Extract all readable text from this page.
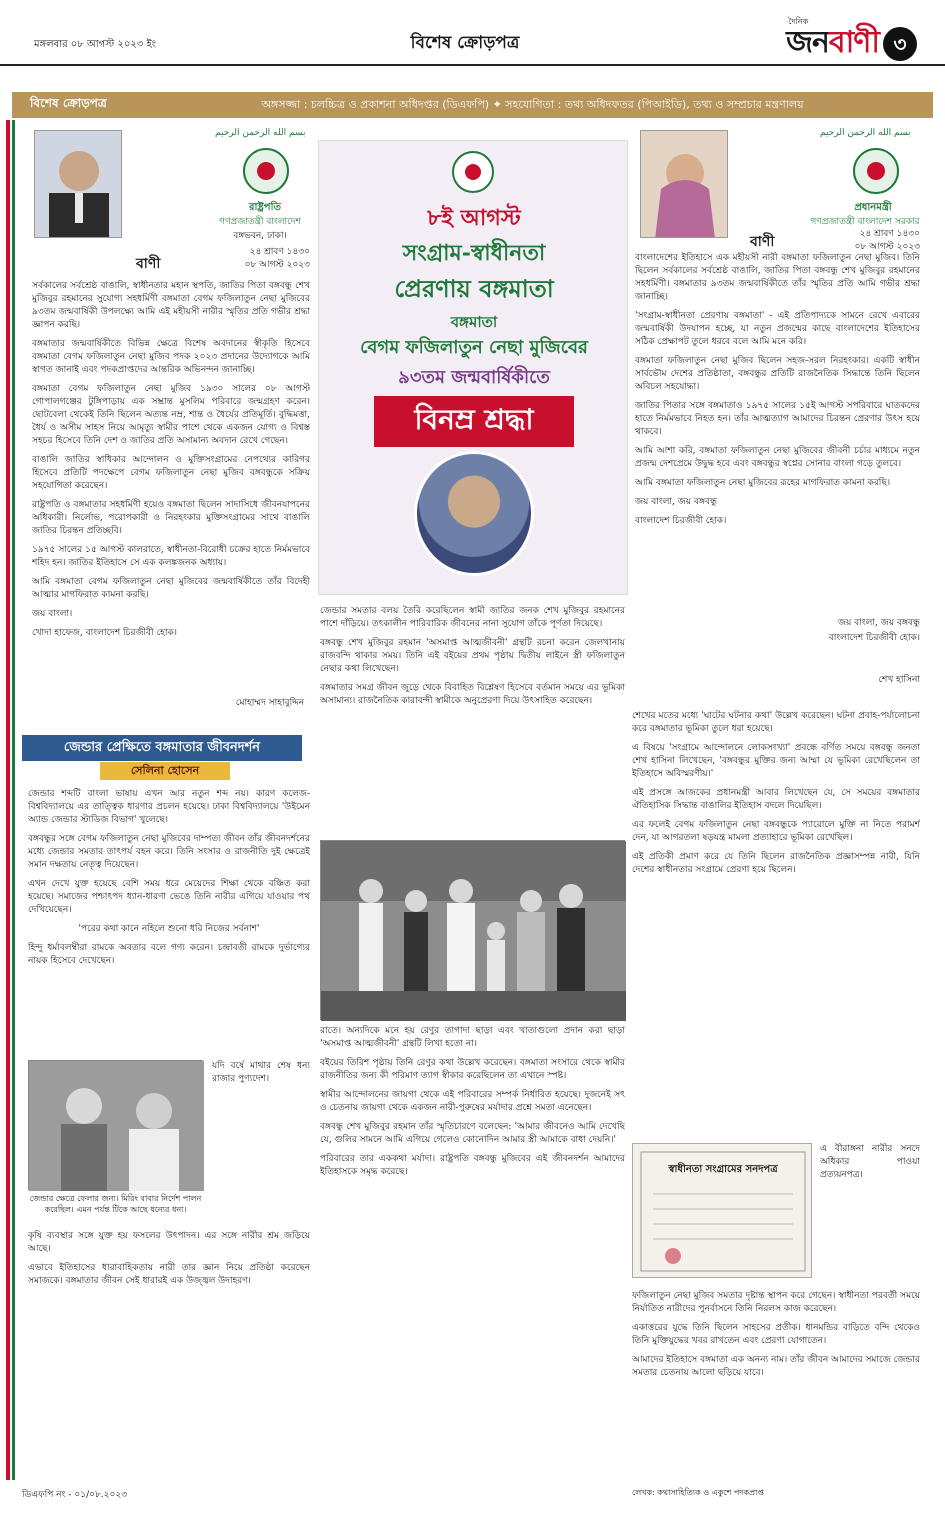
মঙ্গলবার ০৮ আগস্ট ২০২৩ ইং	বিশেষ ক্রোড়পত্র
দৈনিক
জনবাণী ৩
বিশেষ ক্রোড়পত্র	অঙ্গসজ্জা : চলচ্চিত্র ও প্রকাশনা অধিদপ্তর (ডিএফপি) ✦ সহযোগিতা : তথ্য অধিদফতর (পিআইডি), তথ্য ও সম্প্রচার মন্ত্রণালয়
بسم الله الرحمن الرحيم
রাষ্ট্রপতি
গণপ্রজাতন্ত্রী বাংলাদেশ
বঙ্গভবন, ঢাকা।
বাণী
২৪ শ্রাবণ ১৪৩০
০৮ আগস্ট ২০২৩

সর্বকালের সর্বশ্রেষ্ঠ বাঙালি, স্বাধীনতার মহান স্থপতি, জাতির পিতা বঙ্গবন্ধু শেখ মুজিবুর রহমানের সুযোগ্য সহধর্মিণী বঙ্গমাতা বেগম ফজিলাতুন নেছা মুজিবের ৯৩তম জন্মবার্ষিকী উপলক্ষ্যে আমি এই মহীয়সী নারীর স্মৃতির প্রতি গভীর শ্রদ্ধা জ্ঞাপন করছি।

বঙ্গমাতার জন্মবার্ষিকীতে বিভিন্ন ক্ষেত্রে বিশেষ অবদানের স্বীকৃতি হিসেবে বঙ্গমাতা বেগম ফজিলাতুন নেছা মুজিব পদক ২০২৩ প্রদানের উদ্যোগকে আমি স্বাগত জানাই এবং পদকপ্রাপ্তদের আন্তরিক অভিনন্দন জানাচ্ছি।

বঙ্গমাতা বেগম ফজিলাতুন নেছা মুজিব ১৯৩০ সালের ০৮ আগস্ট গোপালগঞ্জের টুঙ্গিপাড়ায় এক সম্ভ্রান্ত মুসলিম পরিবারে জন্মগ্রহণ করেন। ছোটবেলা থেকেই তিনি ছিলেন অত্যন্ত নম্র, শান্ত ও ধৈর্যের প্রতিমূর্তি। বুদ্ধিমত্তা, ধৈর্য ও অসীম সাহস নিয়ে আমৃত্যু স্বামীর পাশে থেকে একজন যোগ্য ও বিশ্বস্ত সহচর হিসেবে তিনি দেশ ও জাতির প্রতি অসামান্য অবদান রেখে গেছেন।

বাঙালি জাতির স্বাধিকার আন্দোলন ও মুক্তিসংগ্রামের নেপথ্যের কারিগর হিসেবে প্রতিটি পদক্ষেপে বেগম ফজিলাতুন নেছা মুজিব বঙ্গবন্ধুকে সক্রিয় সহযোগিতা করেছেন।

রাষ্ট্রপতি ও বঙ্গমাতার সহধর্মিণী হয়েও বঙ্গমাতা ছিলেন সাদাসিধে জীবনযাপনের অধিকারী। নির্লোভ, পরোপকারী ও নিরহংকার মুক্তিসংগ্রামের সাথে বাঙালি জাতির চিরন্তন প্রতিচ্ছবি।

১৯৭৫ সালের ১৫ আগস্ট কালরাতে, স্বাধীনতা-বিরোধী চক্রের হাতে নির্মমভাবে শহিদ হন। জাতির ইতিহাসে সে এক কলঙ্কজনক অধ্যায়।

আমি বঙ্গমাতা বেগম ফজিলাতুন নেছা মুজিবের জন্মবার্ষিকীতে তাঁর বিদেহী আত্মার মাগফিরাত কামনা করছি।

জয় বাংলা।

খোদা হাফেজ, বাংলাদেশ চিরজীবী হোক।

মোহাম্মদ সাহাবুদ্দিন
৮ই আগস্ট
সংগ্রাম-স্বাধীনতা
প্রেরণায় বঙ্গমাতা
বঙ্গমাতা
বেগম ফজিলাতুন নেছা মুজিবের
৯৩তম জন্মবার্ষিকীতে
বিনম্র শ্রদ্ধা
بسم الله الرحمن الرحيم
প্রধানমন্ত্রী
গণপ্রজাতন্ত্রী বাংলাদেশ সরকার
বাণী	২৪ শ্রাবণ ১৪৩০
০৮ আগস্ট ২০২৩

বাংলাদেশের ইতিহাসে এক মহীয়সী নারী বঙ্গমাতা ফজিলাতুন নেছা মুজিব। তিনি ছিলেন সর্বকালের সর্বশ্রেষ্ঠ বাঙালি, জাতির পিতা বঙ্গবন্ধু শেখ মুজিবুর রহমানের সহধর্মিণী। বঙ্গমাতার ৯৩তম জন্মবার্ষিকীতে তাঁর স্মৃতির প্রতি আমি গভীর শ্রদ্ধা জানাচ্ছি।

'সংগ্রাম-স্বাধীনতা প্রেরণায় বঙ্গমাতা' - এই প্রতিপাদ্যকে সামনে রেখে এবারের জন্মবার্ষিকী উদযাপন হচ্ছে, যা নতুন প্রজন্মের কাছে বাংলাদেশের ইতিহাসের সঠিক প্রেক্ষাপট তুলে ধরবে বলে আমি মনে করি।

বঙ্গমাতা ফজিলাতুন নেছা মুজিব ছিলেন সহজ-সরল নিরহংকার। একটি স্বাধীন সার্বভৌম দেশের প্রতিষ্ঠাতা, বঙ্গবন্ধুর প্রতিটি রাজনৈতিক সিদ্ধান্তে তিনি ছিলেন অবিচল সহযোদ্ধা।

জাতির পিতার সঙ্গে বঙ্গমাতাও ১৯৭৫ সালের ১৫ই আগস্ট সপরিবারে ঘাতকদের হাতে নির্মমভাবে নিহত হন। তাঁর আত্মত্যাগ আমাদের চিরন্তন প্রেরণার উৎস হয়ে থাকবে।

আমি আশা করি, বঙ্গমাতা ফজিলাতুন নেছা মুজিবের জীবনী চর্চার মাধ্যমে নতুন প্রজন্ম দেশপ্রেমে উদ্বুদ্ধ হবে এবং বঙ্গবন্ধুর স্বপ্নের সোনার বাংলা গড়ে তুলবে।

আমি বঙ্গমাতা ফজিলাতুন নেছা মুজিবের রূহের মাগফিরাত কামনা করছি।

জয় বাংলা, জয় বঙ্গবন্ধু

বাংলাদেশ চিরজীবী হোক।

জয় বাংলা, জয় বঙ্গবন্ধু
বাংলাদেশ চিরজীবী হোক।
শেখ হাসিনা
জেন্ডার প্রেক্ষিতে বঙ্গমাতার জীবনদর্শন
সেলিনা হোসেন

জেন্ডার শব্দটি বাংলা ভাষায় এখন আর নতুন শব্দ নয়। কারণ কলেজ-বিশ্ববিদ্যালয়ে এর তাত্ত্বিক ধারণার প্রচলন হয়েছে। ঢাকা বিশ্ববিদ্যালয়ে 'উইমেন অ্যান্ড জেন্ডার স্টাডিজ বিভাগ' খুলেছে।

বঙ্গবন্ধুর সঙ্গে বেগম ফজিলাতুন নেছা মুজিবের দাম্পত্য জীবন তাঁর জীবনদর্শনের মধ্যে জেন্ডার সমতার তাৎপর্য বহন করে। তিনি সংসার ও রাজনীতি দুই ক্ষেত্রেই সমান দক্ষতায় নেতৃত্ব দিয়েছেন।

এখন দেখে যুক্ত হয়েছে বেশি সময় ধরে মেয়েদের শিক্ষা থেকে বঞ্চিত করা হয়েছে। সমাজের পশ্চাৎপদ ধ্যান-ধারণা ভেঙে তিনি নারীর এগিয়ে যাওয়ার পথ দেখিয়েছেন।

'পরের কথা কানে নহিলে শুনো ধরি নিজের সর্বনাশ'

হিন্দু ধর্মাবলম্বীরা রামকে অবতার বলে গণ্য করেন। চন্দ্রাবতী রামকে দুর্ভাগ্যের নায়ক হিসেবে দেখেছেন।

জেন্ডার ক্ষেত্রে ফেলার জন্য। মিরিং বাবার নির্দেশ পালন করেছিল। এমন পর্যন্ত টিকে আছে ধন্যের ধন্য।

যদি বর্ষে মাথার শেষ ধন্য রাজার পুণ্যদেশ।

কৃষি ব্যবস্থার সঙ্গে যুক্ত হয় ফসলের উৎপাদন। এর সঙ্গে নারীর শ্রম জড়িয়ে আছে।

এভাবে ইতিহাসের ধারাবাহিকতায় নারী তার জ্ঞান নিয়ে প্রতিষ্ঠা করেছেন সমাজকে। বঙ্গমাতার জীবন সেই ধারারই এক উজ্জ্বল উদাহরণ।

জেন্ডার সমতার বলয় তৈরি করেছিলেন স্বামী জাতির জনক শেখ মুজিবুর রহমানের পাশে দাঁড়িয়ে। তৎকালীন পারিবারিক জীবনের নানা সুযোগ তাঁকে পূর্ণতা দিয়েছে।

বঙ্গবন্ধু শেখ মুজিবুর রহমান 'অসমাপ্ত আত্মজীবনী' গ্রন্থটি রচনা করেন জেলখানায় রাজবন্দি থাকার সময়। তিনি এই বইয়ের প্রথম পৃষ্ঠায় দ্বিতীয় লাইনে স্ত্রী ফজিলাতুন নেছার কথা লিখেছেন।

বঙ্গমাতার সমগ্র জীবন জুড়ে থেকে বিবাহিত বিশ্লেষণ হিসেবে বর্তমান সময়ে এর ভূমিকা অসামান্য। রাজনৈতিক কারাবন্দী স্বামীকে অনুপ্রেরণা দিয়ে উৎসাহিত করেছেন।

রাতে। অন্যদিকে মনে হয় রেণুর তাগাদা ছাড়া এবং খাতাগুলো প্রদান করা ছাড়া 'অসমাপ্ত আত্মজীবনী' গ্রন্থটি লিখা হতো না।

বইয়ের তিরিশ পৃষ্ঠায় তিনি রেণুর কথা উল্লেখ করেছেন। বঙ্গমাতা সংসারে থেকে স্বামীর রাজনীতির জন্য কী পরিমাণ ত্যাগ স্বীকার করেছিলেন তা এখানে স্পষ্ট।

স্বামীর আন্দোলনের জায়গা থেকে এই পরিবারের সম্পর্ক নির্ধারিত হয়েছে। দুজনেই সৎ ও চেতনায় জায়গা থেকে একজন নারী-পুরুষের মর্যাদার প্রশ্নে সমতা এনেছেন।

বঙ্গবন্ধু শেখ মুজিবুর রহমান তাঁর স্মৃতিচারণে বলেছেন: 'আমার জীবনেও আমি দেখেছি যে, গুলির সামনে আমি এগিয়ে গেলেও কোনোদিন আমার স্ত্রী আমাকে বাধা দেয়নি।'

পরিবারের তার এককথা মর্যাদা। রাষ্ট্রপতি বঙ্গবন্ধু মুজিবের এই জীবনদর্শন আমাদের ইতিহাসকে সমৃদ্ধ করেছে।

শেখের মতের মধ্যে 'ঘাটের ঘটনার কথা' উল্লেখ করেছেন। ঘটনা প্রবাহ-পর্যালোচনা করে বঙ্গমাতার ভূমিকা তুলে ধরা হয়েছে।

এ বিষয়ে 'সংগ্রামে আন্দোলনে লোকসংখ্যা' প্রবন্ধে বর্ণিত সময়ে বঙ্গবন্ধু জনতা শেখ হাসিনা লিখেছেন, 'বঙ্গবন্ধুর মুক্তির জন্য আম্মা যে ভূমিকা রেখেছিলেন তা ইতিহাসে অবিস্মরণীয়।'

এই প্রসঙ্গে আজকের প্রধানমন্ত্রী আবার লিখেছেন যে, সে সময়ের বঙ্গমাতার ঐতিহাসিক সিদ্ধান্ত বাঙালির ইতিহাস বদলে দিয়েছিল।

এর ফলেই বেগম ফজিলাতুন নেছা বঙ্গবন্ধুকে প্যারোলে মুক্তি না নিতে পরামর্শ দেন, যা আগরতলা ষড়যন্ত্র মামলা প্রত্যাহারে ভূমিকা রেখেছিল।

এই প্রতিকী প্রমাণ করে যে তিনি ছিলেন রাজনৈতিক প্রজ্ঞাসম্পন্ন নারী, যিনি দেশের স্বাধীনতার সংগ্রামে প্রেরণা হয়ে ছিলেন।

স্বাধীনতা সংগ্রামের সনদপত্র

এ বীরাঙ্গনা নারীর সনদে অধিকার পাওয়া প্রত্যয়নপত্র।

ফজিলাতুন নেছা মুজিব সমতার দৃষ্টান্ত স্থাপন করে গেছেন। স্বাধীনতা পরবর্তী সময়ে নির্যাতিত নারীদের পুনর্বাসনে তিনি নিরলস কাজ করেছেন।

একাত্তরের যুদ্ধে তিনি ছিলেন সাহসের প্রতীক। ধানমন্ডির বাড়িতে বন্দি থেকেও তিনি মুক্তিযুদ্ধের খবর রাখতেন এবং প্রেরণা যোগাতেন।

আমাদের ইতিহাসে বঙ্গমাতা এক অনন্য নাম। তাঁর জীবন আমাদের সমাজে জেন্ডার সমতার চেতনায় আলো ছড়িয়ে যাবে।

লেখক: কথাসাহিত্যিক ও একুশে পদকপ্রাপ্ত
ডিএফপি নং - ০১/০৮.২০২৩
